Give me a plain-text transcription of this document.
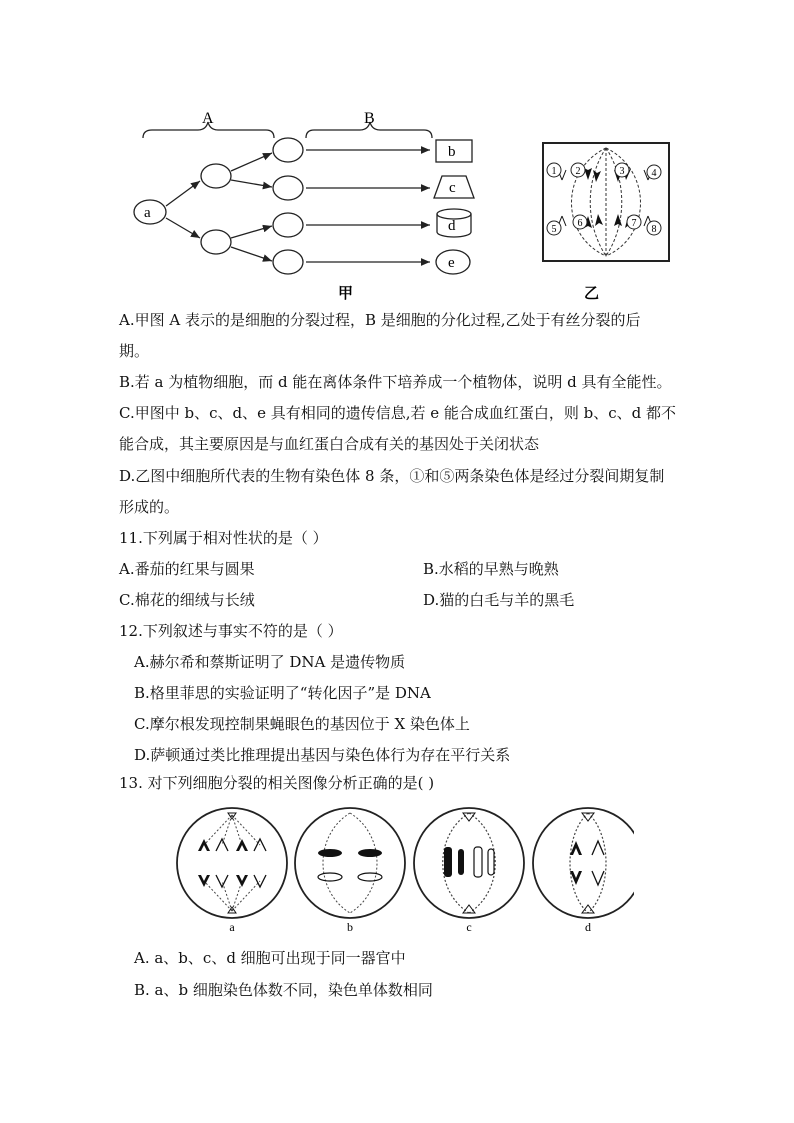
A	B
a
b
c
d
e
甲
1 2	3	4
5
6	7
8
乙
A.甲图 A 表示的是细胞的分裂过程，B 是细胞的分化过程,乙处于有丝分裂的后
期。
B.若 a 为植物细胞，而 d 能在离体条件下培养成一个植物体，说明 d 具有全能性。
C.甲图中 b、c、d、e 具有相同的遗传信息,若 e 能合成血红蛋白，则 b、c、d 都不
能合成，其主要原因是与血红蛋白合成有关的基因处于关闭状态
D.乙图中细胞所代表的生物有染色体 8 条，①和⑤两条染色体是经过分裂间期复制
形成的。
11.下列属于相对性状的是（ ）
A.番茄的红果与圆果	B.水稻的早熟与晚熟
C.棉花的细绒与长绒	D.猫的白毛与羊的黑毛
12.下列叙述与事实不符的是（ ）
A.赫尔希和蔡斯证明了 DNA 是遗传物质
B.格里菲思的实验证明了“转化因子”是 DNA
C.摩尔根发现控制果蝇眼色的基因位于 X 染色体上
D.萨顿通过类比推理提出基因与染色体行为存在平行关系
13. 对下列细胞分裂的相关图像分析正确的是( )
a	b	c	d
A. a、b、c、d 细胞可出现于同一器官中
B. a、b 细胞染色体数不同，染色单体数相同
